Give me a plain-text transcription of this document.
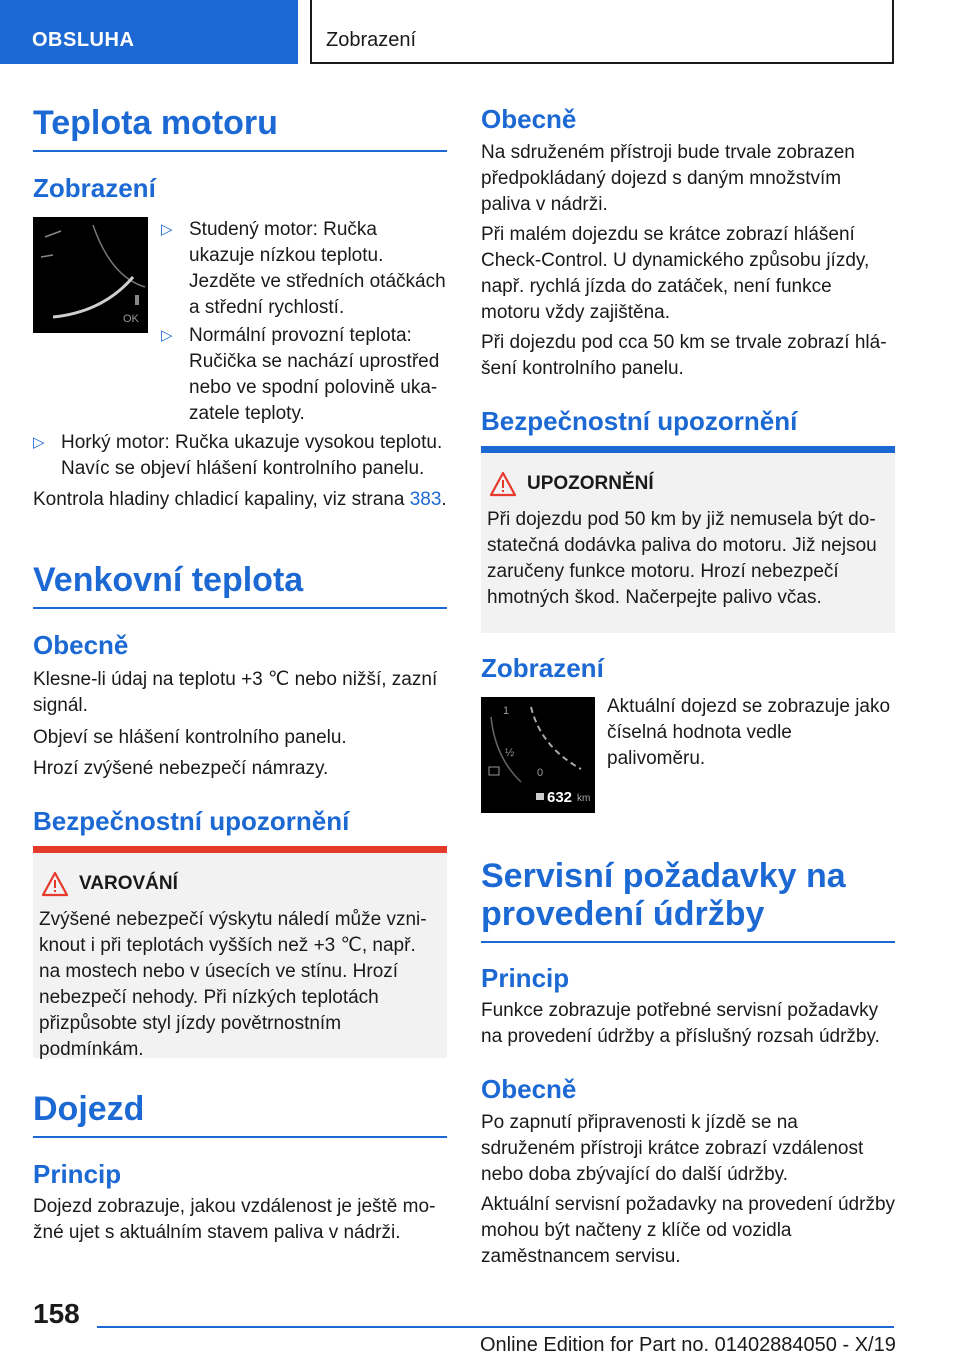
OBSLUHA	Zobrazení
Teplota motoru
Zobrazení
OK
▷ Studený motor: Ručka ukazuje nízkou teplotu. Jezděte ve středních otáčkách a střední rychlostí.
▷ Normální provozní teplota: Ručička se nachází uprostřed nebo ve spodní polovině ukazatele teploty.
▷ Horký motor: Ručka ukazuje vysokou teplotu. Navíc se objeví hlášení kontrolního panelu.

Kontrola hladiny chladicí kapaliny, viz strana 383.

Venkovní teplota
Obecně

Klesne-li údaj na teplotu +3 ℃ nebo nižší, zazní signál.

Objeví se hlášení kontrolního panelu.

Hrozí zvýšené nebezpečí námrazy.

Bezpečnostní upozornění
VAROVÁNÍ
Zvýšené nebezpečí výskytu náledí může vzniknout i při teplotách vyšších než +3 ℃, např. na mostech nebo v úsecích ve stínu. Hrozí nebezpečí nehody. Při nízkých teplotách přizpůsobte styl jízdy povětrnostním podmínkám.
Dojezd
Princip

Dojezd zobrazuje, jakou vzdálenost je ještě možné ujet s aktuálním stavem paliva v nádrži.

Obecně

Na sdruženém přístroji bude trvale zobrazen předpokládaný dojezd s daným množstvím paliva v nádrži.

Při malém dojezdu se krátce zobrazí hlášení Check-Control. U dynamického způsobu jízdy, např. rychlá jízda do zatáček, není funkce motoru vždy zajištěna.

Při dojezdu pod cca 50 km se trvale zobrazí hlášení kontrolního panelu.

Bezpečnostní upozornění
UPOZORNĚNÍ
Při dojezdu pod 50 km by již nemusela být dostatečná dodávka paliva do motoru. Již nejsou zaručeny funkce motoru. Hrozí nebezpečí hmotných škod. Načerpejte palivo včas.
Zobrazení
1
½
0
632 km

Aktuální dojezd se zobrazuje jako číselná hodnota vedle palivoměru.

Servisní požadavky na provedení údržby
Princip

Funkce zobrazuje potřebné servisní požadavky na provedení údržby a příslušný rozsah údržby.

Obecně

Po zapnutí připravenosti k jízdě se na sdruženém přístroji krátce zobrazí vzdálenost nebo doba zbývající do další údržby.

Aktuální servisní požadavky na provedení údržby mohou být načteny z klíče od vozidla zaměstnancem servisu.

158
Online Edition for Part no. 01402884050 - X/19
